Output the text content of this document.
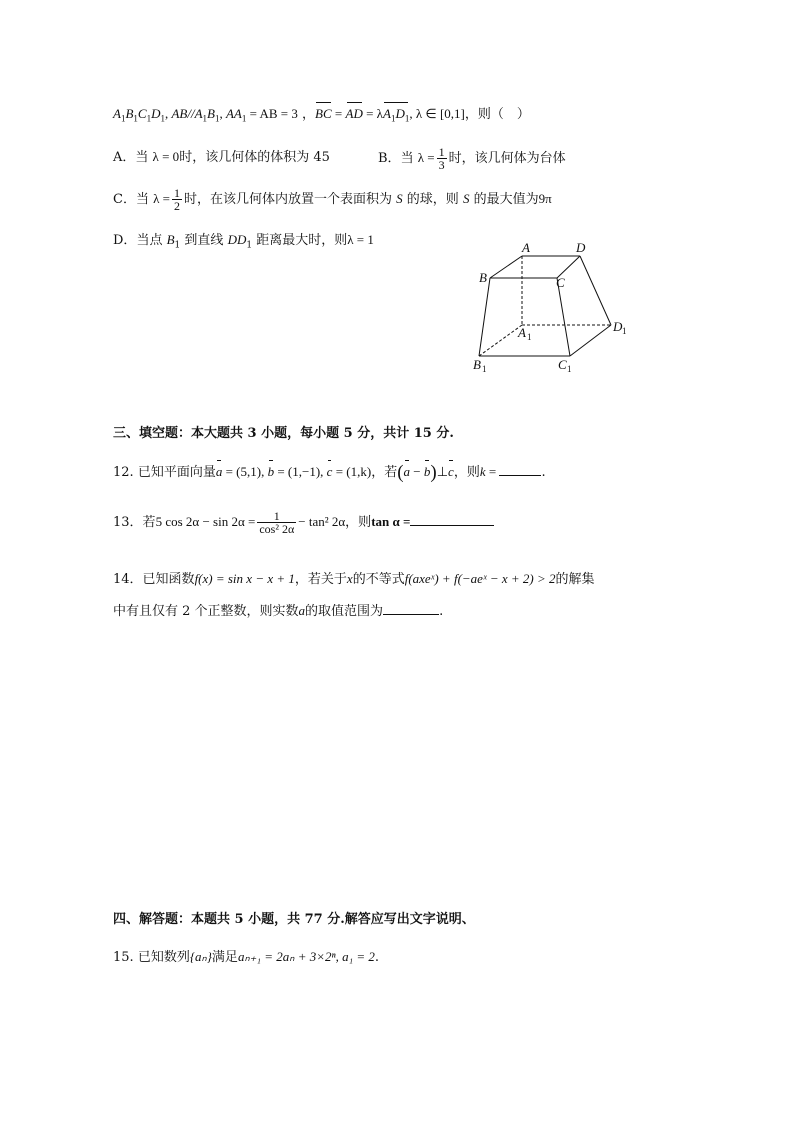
$A_1B_1C_1D_1$, $AB//A_1B_1$, $AA_1$ = AB = 3 ，BC = AD = $\lambda A_1D_1$, λ ∈ [0,1]，则（　）
A．当 λ = 0时，该几何体的体积为 45	B．当 $\lambda = \frac{1}{3}$ 时，该几何体为台体
C．当 $\lambda = \frac{1}{2}$ 时，在该几何体内放置一个表面积为 S 的球，则 S 的最大值为9π
D．当点 $B_1$ 到直线 $DD_1$ 距离最大时，则λ = 1
A	D
B	C
A 1
D 1
B 1	C 1
三、填空题：本大题共 3 小题，每小题 5 分，共计 15 分.
12. 已知平面向量a = (5,1), b = (1,−1), c = (1,k)，若(a − b)⊥c，则k =	.
13．若5 $\cos 2\alpha - \sin 2\alpha = \frac{1}{\text{cos² 2α}} - \tan^2$ 2α，则tan α =
14．已知函数f(x) = sin x − x + 1，若关于x的不等式f(axeˣ) + f(−aeˣ − x + 2) > 2的解集
中有且仅有 2 个正整数，则实数a的取值范围为	.
四、解答题：本题共 5 小题，共 77 分.解答应写出文字说明、
15. 已知数列{aₙ}满足aₙ₊₁ = 2aₙ + 3×2ⁿ, a₁ = 2.
